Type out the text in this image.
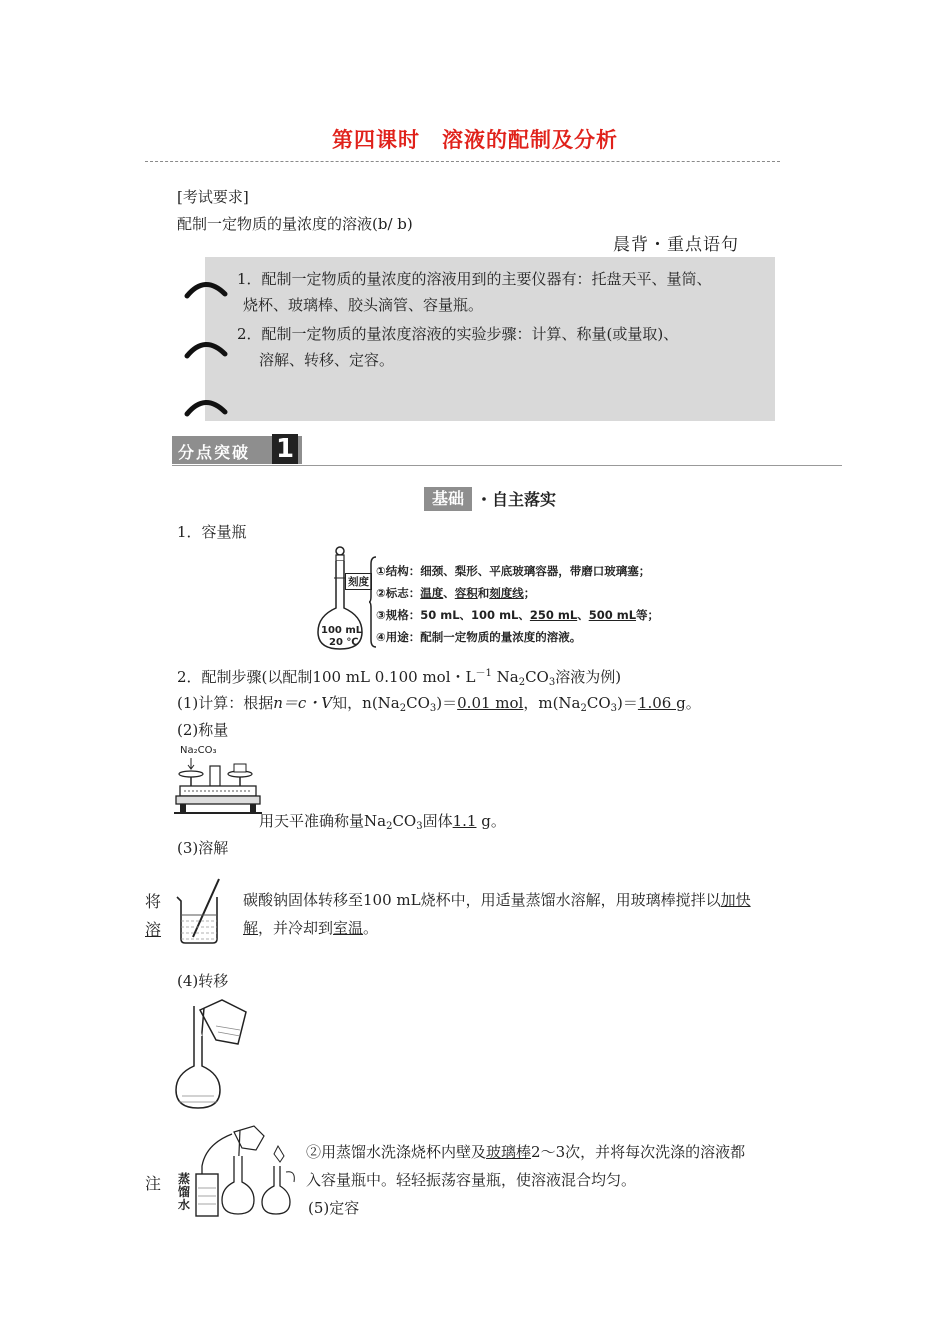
第四课时　溶液的配制及分析
[考试要求]
配制一定物质的量浓度的溶液(b/ b)
晨背・重点语句
1．配制一定物质的量浓度的溶液用到的主要仪器有：托盘天平、量筒、
烧杯、玻璃棒、胶头滴管、容量瓶。
2．配制一定物质的量浓度溶液的实验步骤：计算、称量(或量取)、
溶解、转移、定容。
分点突破 1
基础 ・自主落实
1．容量瓶
刻度
100 mL
20 ℃
①结构：细颈、梨形、平底玻璃容器，带磨口玻璃塞；
②标志：温度、容积和刻度线；
③规格：50 mL、100 mL、250 mL、500 mL等；
④用途：配制一定物质的量浓度的溶液。
2．配制步骤(以配制100 mL 0.100 mol・$L^{-1}$ $Na_2CO_3$溶液为例)
(1)计算：根据n＝c・V知，$n(Na_2CO_3)=0.01$ mol，$m(Na_2CO_3)=1.06$ g。
(2)称量
Na₂CO₃
用天平准确称量$Na_2CO_3$固体1.1 g。
(3)溶解
将
溶
碳酸钠固体转移至100 mL烧杯中，用适量蒸馏水溶解，用玻璃棒搅拌以加快
解，并冷却到室温。
(4)转移
注 蒸馏水
②用蒸馏水洗涤烧杯内壁及玻璃棒2～3次，并将每次洗涤的溶液都
入容量瓶中。轻轻振荡容量瓶，使溶液混合均匀。
(5)定容
